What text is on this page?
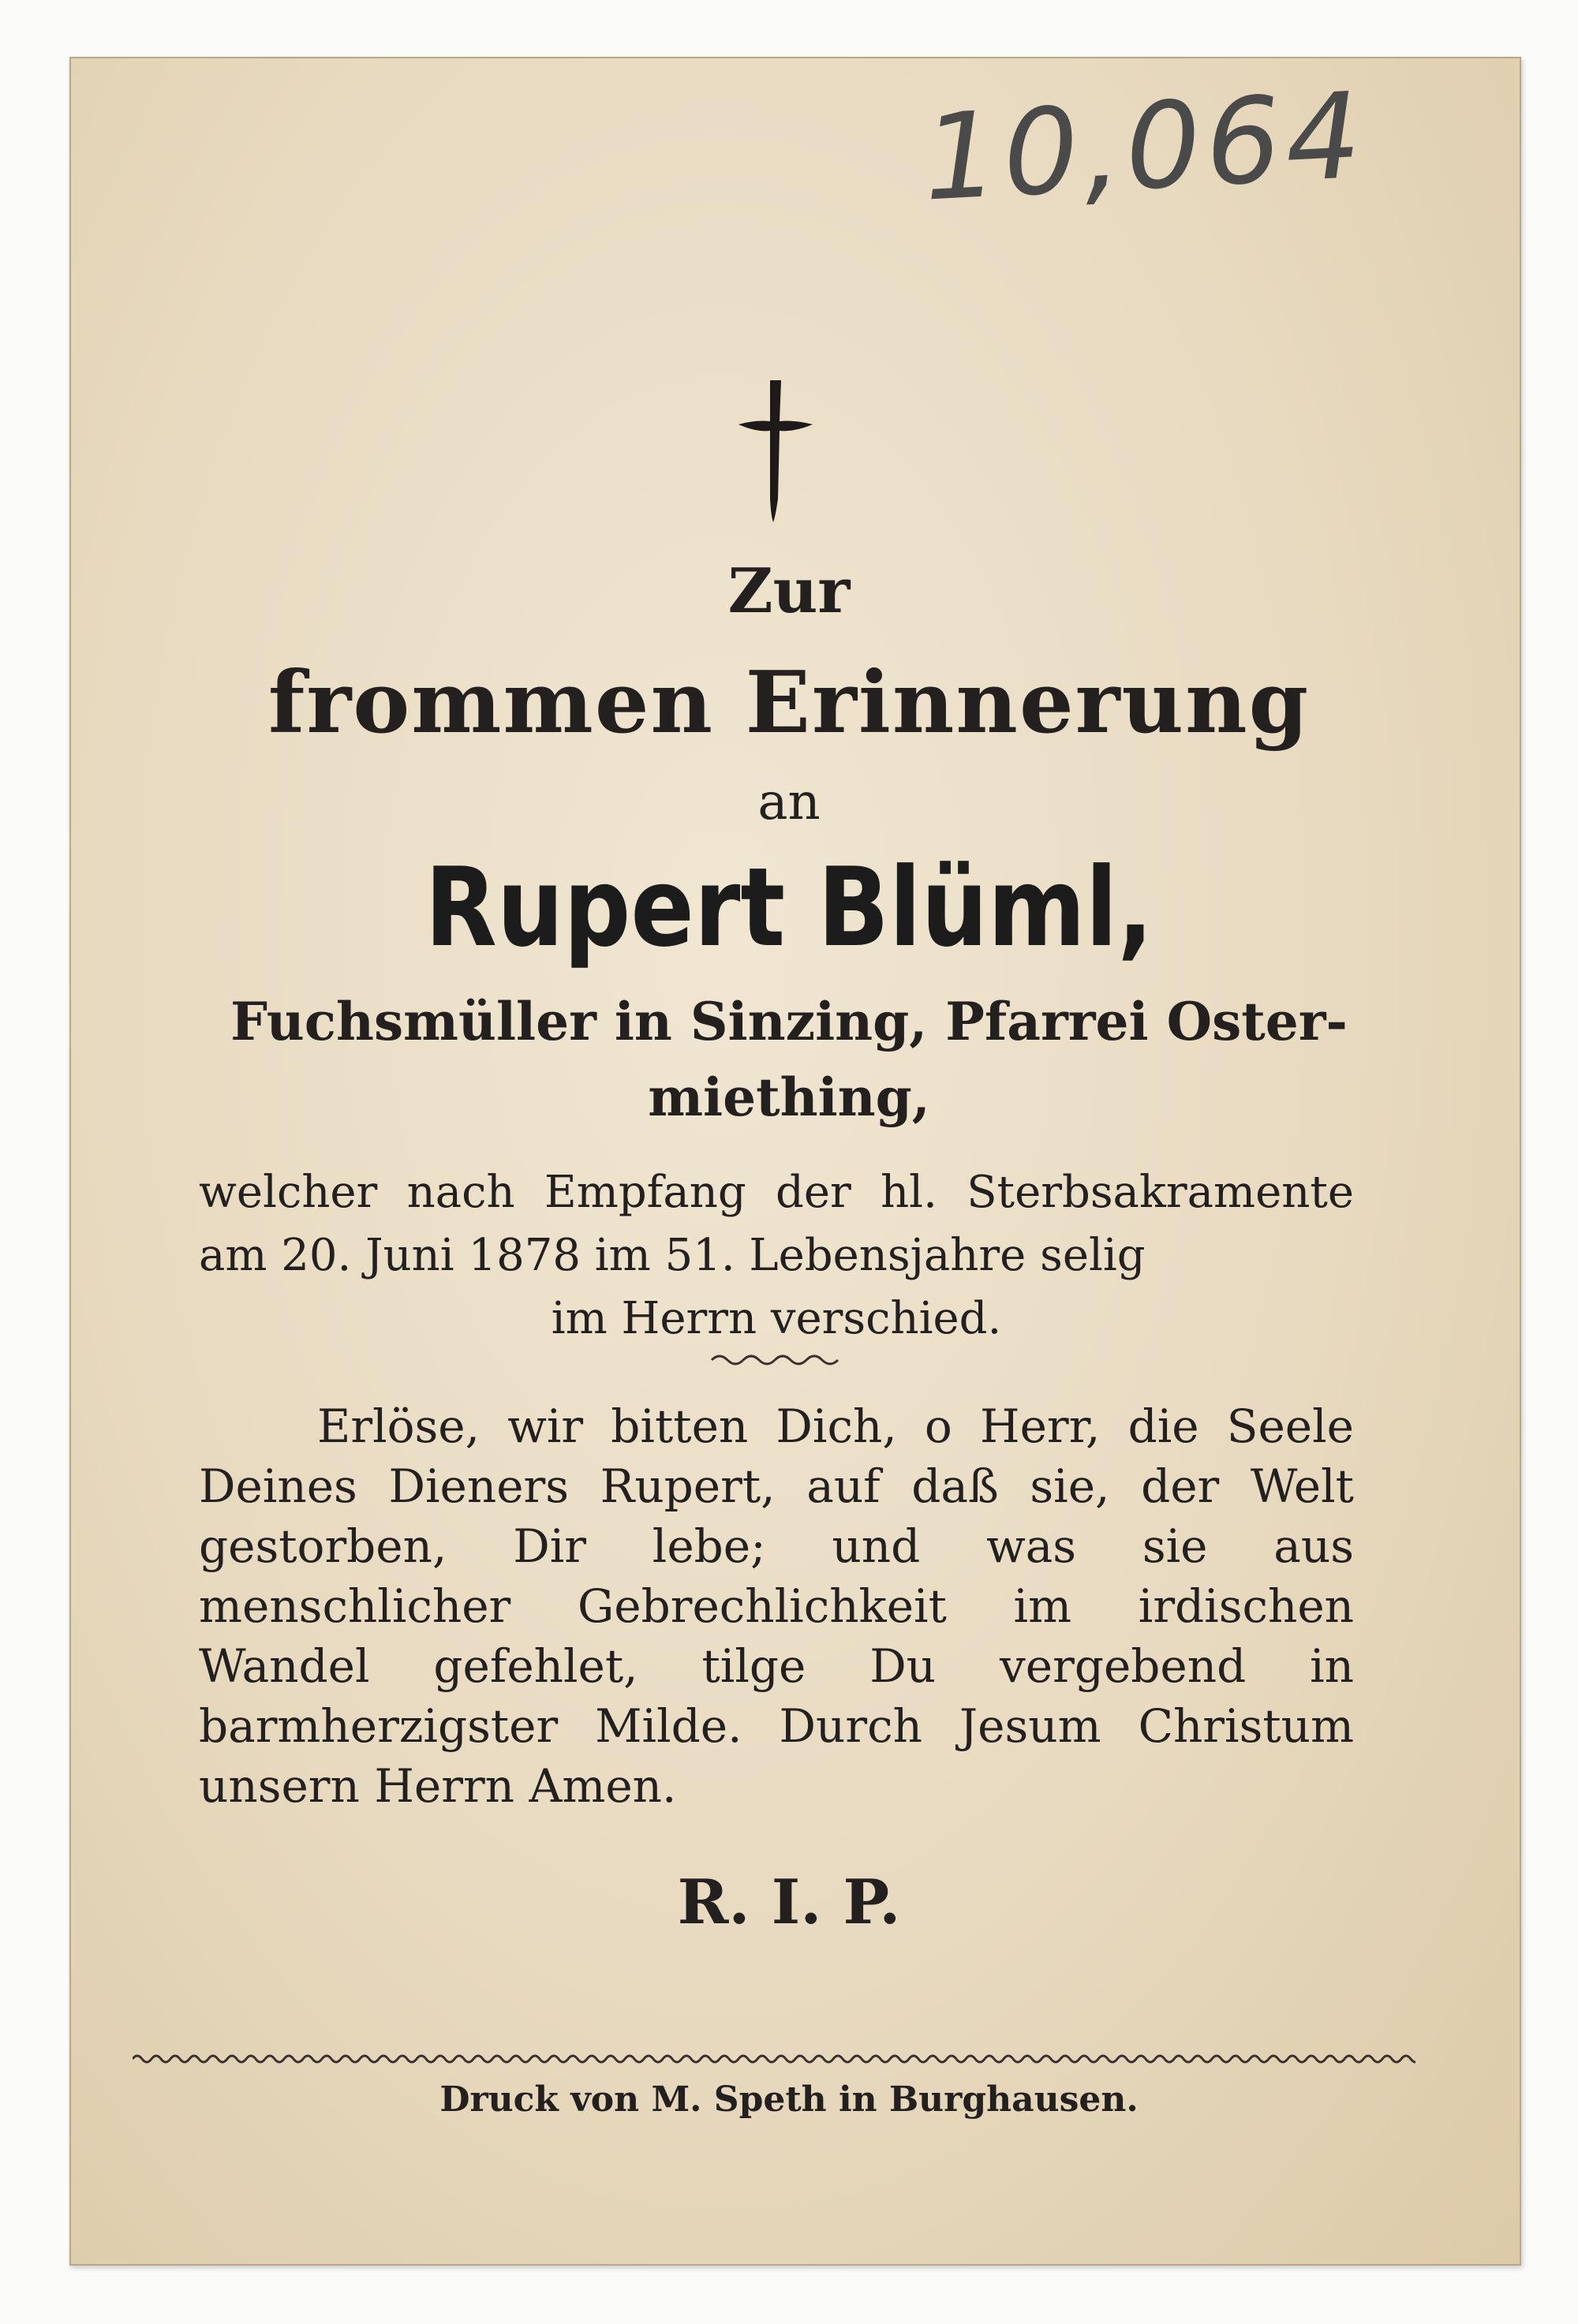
10,064
Zur
frommen Erinnerung
an
Rupert Blüml,
Fuchsmüller in Sinzing, Pfarrei Oster-
miething,
welcher nach Empfang der hl. Sterbsakramente am 20. Juni 1878 im 51. Lebensjahre selig
im Herrn verschied.
Erlöse, wir bitten Dich, o Herr, die Seele Deines Dieners Rupert, auf daß sie, der Welt gestorben, Dir lebe; und was sie aus menschlicher Gebrechlichkeit im irdischen Wandel gefehlet, tilge Du vergebend in barmherzigster Milde. Durch Jesum Christum unsern Herrn Amen.
R. I. P.
Druck von M. Speth in Burghausen.
